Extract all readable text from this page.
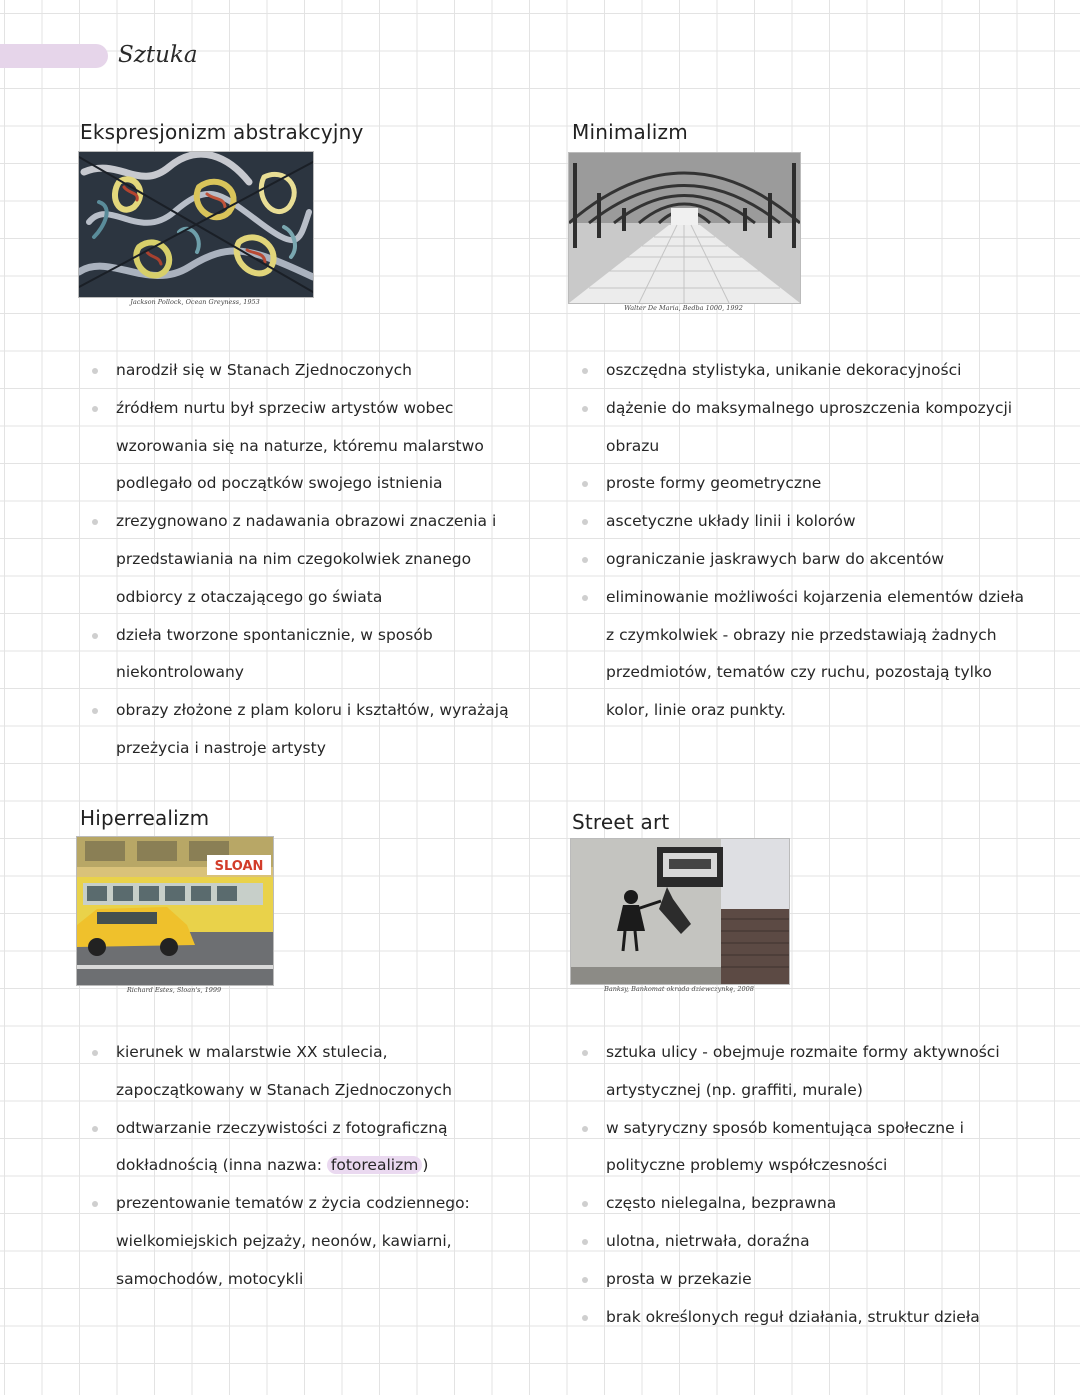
Sztuka
Ekspresjonizm abstrakcyjny
Jackson Pollock, Ocean Greyness, 1953
narodził się w Stanach Zjednoczonych
źródłem nurtu był sprzeciw artystów wobec wzorowania się na naturze, któremu malarstwo podlegało od początków swojego istnienia
zrezygnowano z nadawania obrazowi znaczenia i przedstawiania na nim czegokolwiek znanego odbiorcy z otaczającego go świata
dzieła tworzone spontanicznie, w sposób niekontrolowany
obrazy złożone z plam koloru i kształtów, wyrażają przeżycia i nastroje artysty
Minimalizm
Walter De Maria, Bedba 1000, 1992
oszczędna stylistyka, unikanie dekoracyjności
dążenie do maksymalnego uproszczenia kompozycji obrazu
proste formy geometryczne
ascetyczne układy linii i kolorów
ograniczanie jaskrawych barw do akcentów
eliminowanie możliwości kojarzenia elementów dzieła z czymkolwiek - obrazy nie przedstawiają żadnych przedmiotów, tematów czy ruchu, pozostają tylko kolor, linie oraz punkty.
Hiperrealizm
SLOAN
Richard Estes, Sloan's, 1999
kierunek w malarstwie XX stulecia, zapoczątkowany w Stanach Zjednoczonych
odtwarzanie rzeczywistości z fotograficzną dokładnością (inna nazwa: fotorealizm )
prezentowanie tematów z życia codziennego: wielkomiejskich pejzaży, neonów, kawiarni, samochodów, motocykli
Street art
Banksy, Bankomat okrada dziewczynkę, 2008
sztuka ulicy - obejmuje rozmaite formy aktywności artystycznej (np. graffiti, murale)
w satyryczny sposób komentująca społeczne i polityczne problemy współczesności
często nielegalna, bezprawna
ulotna, nietrwała, doraźna
prosta w przekazie
brak określonych reguł działania, struktur dzieła
